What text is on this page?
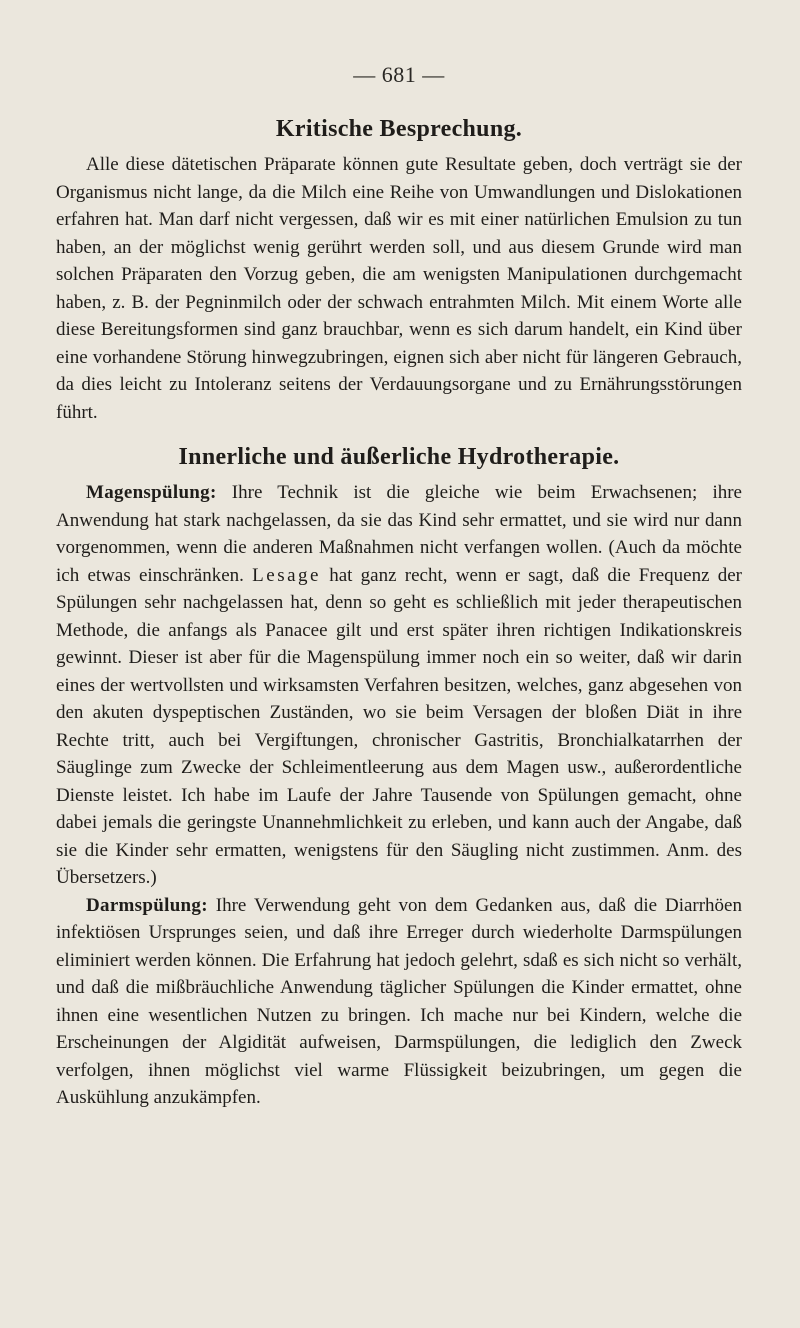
— 681 —
Kritische Besprechung.

Alle diese dätetischen Präparate können gute Resultate geben, doch verträgt sie der Organismus nicht lange, da die Milch eine Reihe von Umwandlungen und Dislokationen erfahren hat. Man darf nicht vergessen, daß wir es mit einer natürlichen Emulsion zu tun haben, an der möglichst wenig gerührt werden soll, und aus diesem Grunde wird man solchen Präparaten den Vorzug geben, die am wenigsten Manipulationen durchgemacht haben, z. B. der Pegninmilch oder der schwach entrahmten Milch. Mit einem Worte alle diese Bereitungsformen sind ganz brauchbar, wenn es sich darum handelt, ein Kind über eine vorhandene Störung hinwegzubringen, eignen sich aber nicht für längeren Gebrauch, da dies leicht zu Intoleranz seitens der Verdauungsorgane und zu Ernährungsstörungen führt.

Innerliche und äußerliche Hydrotherapie.

Magenspülung: Ihre Technik ist die gleiche wie beim Erwachsenen; ihre Anwendung hat stark nachgelassen, da sie das Kind sehr ermattet, und sie wird nur dann vorgenommen, wenn die anderen Maßnahmen nicht verfangen wollen. (Auch da möchte ich etwas einschränken. Lesage hat ganz recht, wenn er sagt, daß die Frequenz der Spülungen sehr nachgelassen hat, denn so geht es schließlich mit jeder therapeutischen Methode, die anfangs als Panacee gilt und erst später ihren richtigen Indikationskreis gewinnt. Dieser ist aber für die Magenspülung immer noch ein so weiter, daß wir darin eines der wertvollsten und wirksamsten Verfahren besitzen, welches, ganz abgesehen von den akuten dyspeptischen Zuständen, wo sie beim Versagen der bloßen Diät in ihre Rechte tritt, auch bei Vergiftungen, chronischer Gastritis, Bronchialkatarrhen der Säuglinge zum Zwecke der Schleimentleerung aus dem Magen usw., außerordentliche Dienste leistet. Ich habe im Laufe der Jahre Tausende von Spülungen gemacht, ohne dabei jemals die geringste Unannehmlichkeit zu erleben, und kann auch der Angabe, daß sie die Kinder sehr ermatten, wenigstens für den Säugling nicht zustimmen. Anm. des Übersetzers.)

Darmspülung: Ihre Verwendung geht von dem Gedanken aus, daß die Diarrhöen infektiösen Ursprunges seien, und daß ihre Erreger durch wiederholte Darmspülungen eliminiert werden können. Die Erfahrung hat jedoch gelehrt, sdaß es sich nicht so verhält, und daß die mißbräuchliche Anwendung täglicher Spülungen die Kinder ermattet, ohne ihnen eine wesentlichen Nutzen zu bringen. Ich mache nur bei Kindern, welche die Erscheinungen der Algidität aufweisen, Darmspülungen, die lediglich den Zweck verfolgen, ihnen möglichst viel warme Flüssigkeit beizubringen, um gegen die Auskühlung anzukämpfen.
